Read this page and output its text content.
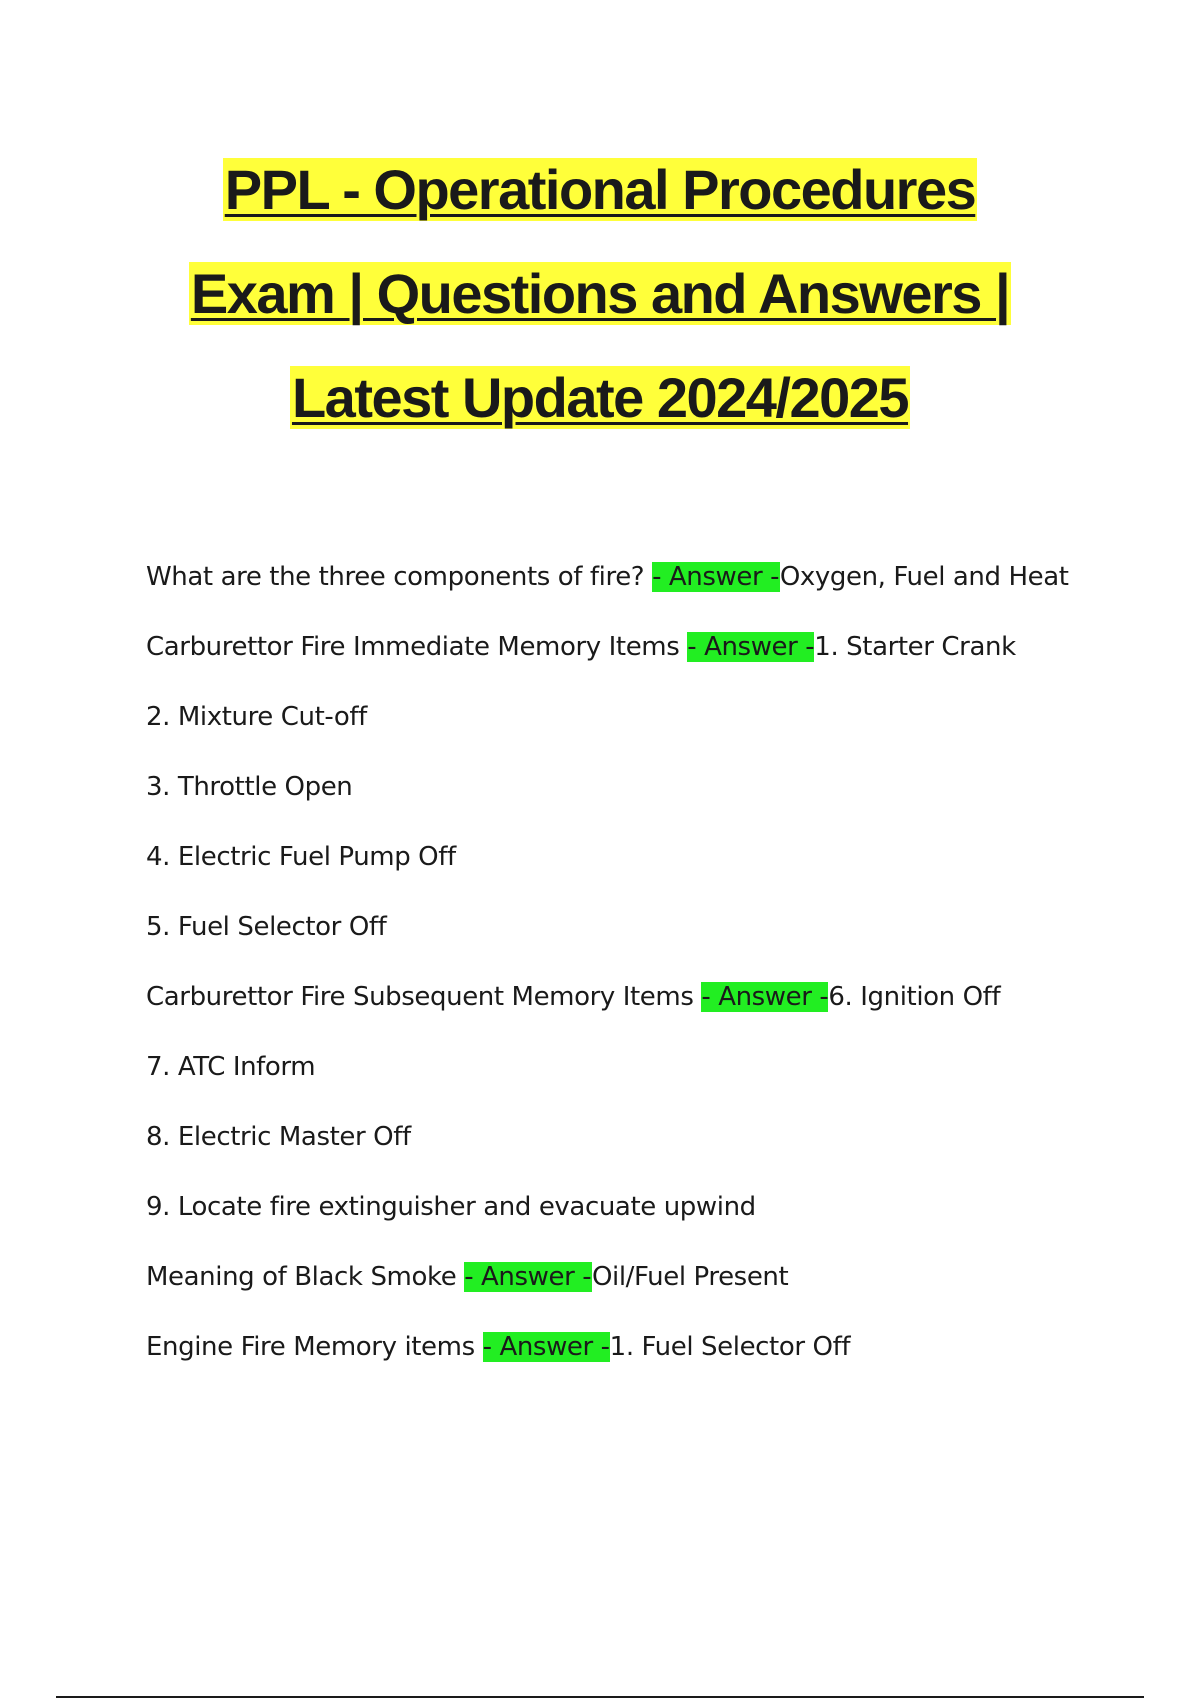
PPL - Operational Procedures
Exam | Questions and Answers |
Latest Update 2024/2025

What are the three components of fire? - Answer -Oxygen, Fuel and Heat

Carburettor Fire Immediate Memory Items - Answer -1. Starter Crank

2. Mixture Cut-off

3. Throttle Open

4. Electric Fuel Pump Off

5. Fuel Selector Off

Carburettor Fire Subsequent Memory Items - Answer -6. Ignition Off

7. ATC Inform

8. Electric Master Off

9. Locate fire extinguisher and evacuate upwind

Meaning of Black Smoke - Answer -Oil/Fuel Present

Engine Fire Memory items - Answer -1. Fuel Selector Off
